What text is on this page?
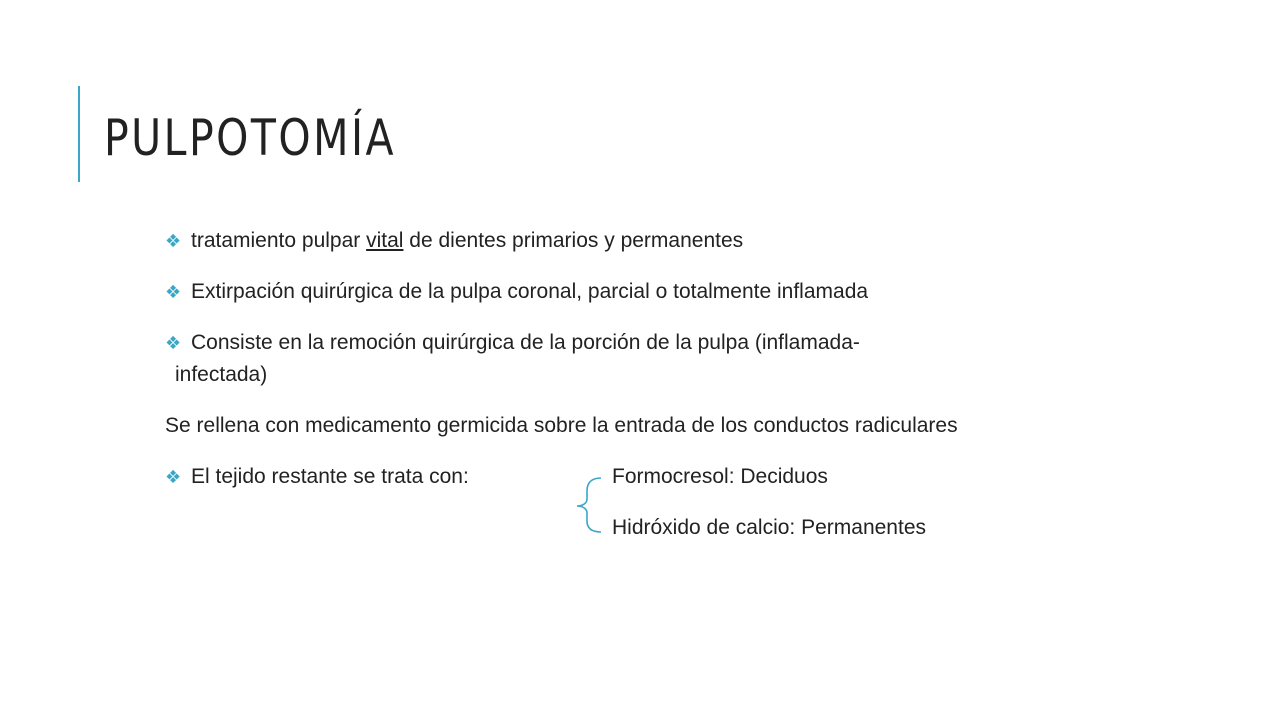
PULPOTOMÍA
❖ tratamiento pulpar vital de dientes primarios y permanentes
❖ Extirpación quirúrgica de la pulpa coronal, parcial o totalmente inflamada
❖ Consiste en la remoción quirúrgica de la porción de la pulpa (inflamada-
infectada)
Se rellena con medicamento germicida sobre la entrada de los conductos radiculares
❖ El tejido restante se trata con:	Formocresol: Deciduos
Hidróxido de calcio: Permanentes
